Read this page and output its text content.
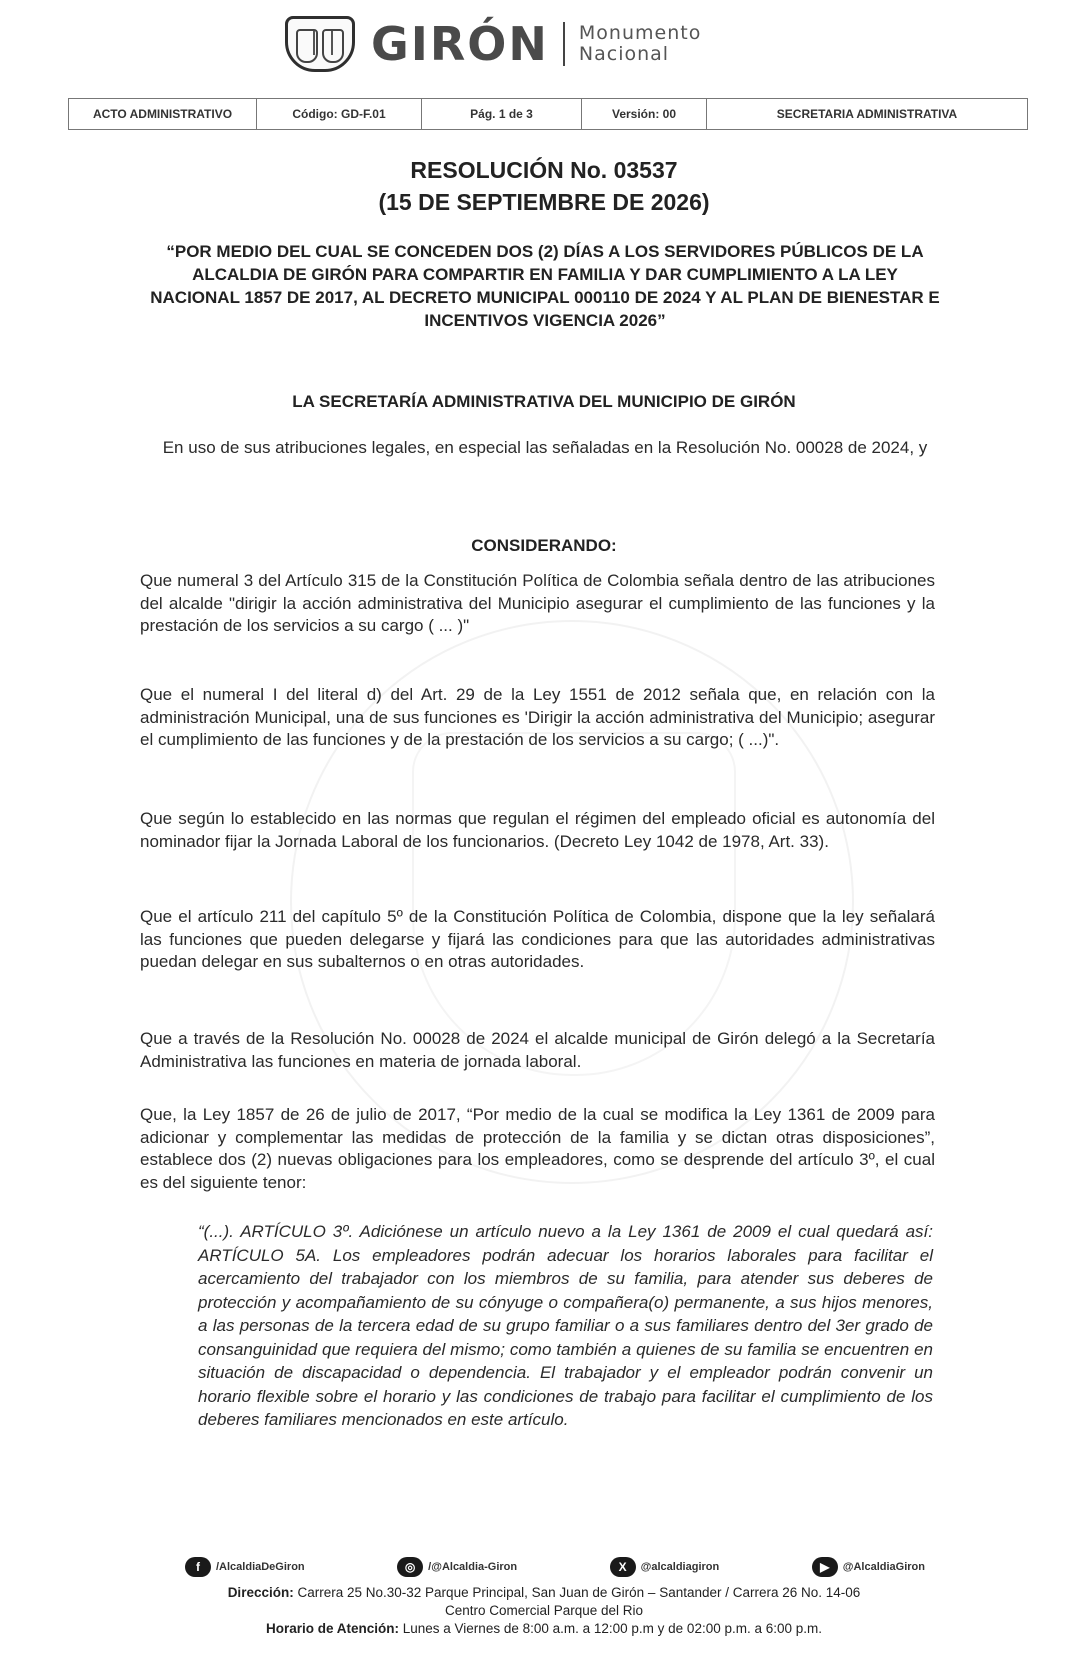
GIRÓN Monumento
Nacional
ACTO ADMINISTRATIVO	Código: GD-F.01	Pág. 1 de 3	Versión: 00	SECRETARIA ADMINISTRATIVA
RESOLUCIÓN No. 03537
(15 DE SEPTIEMBRE DE 2026)
“POR MEDIO DEL CUAL SE CONCEDEN DOS (2) DÍAS A LOS SERVIDORES PÚBLICOS DE LA ALCALDIA DE GIRÓN PARA COMPARTIR EN FAMILIA Y DAR CUMPLIMIENTO A LA LEY NACIONAL 1857 DE 2017, AL DECRETO MUNICIPAL 000110 DE 2024 Y AL PLAN DE BIENESTAR E INCENTIVOS VIGENCIA 2026”
LA SECRETARÍA ADMINISTRATIVA DEL MUNICIPIO DE GIRÓN
En uso de sus atribuciones legales, en especial las señaladas en la Resolución No. 00028 de 2024, y
CONSIDERANDO:
Que numeral 3 del Artículo 315 de la Constitución Política de Colombia señala dentro de las atribuciones del alcalde "dirigir la acción administrativa del Municipio asegurar el cumplimiento de las funciones y la prestación de los servicios a su cargo ( ... )"
Que el numeral I del literal d) del Art. 29 de la Ley 1551 de 2012 señala que, en relación con la administración Municipal, una de sus funciones es 'Dirigir la acción administrativa del Municipio; asegurar el cumplimiento de las funciones y de la prestación de los servicios a su cargo; ( ...)".
Que según lo establecido en las normas que regulan el régimen del empleado oficial es autonomía del nominador fijar la Jornada Laboral de los funcionarios. (Decreto Ley 1042 de 1978, Art. 33).
Que el artículo 211 del capítulo 5º de la Constitución Política de Colombia, dispone que la ley señalará las funciones que pueden delegarse y fijará las condiciones para que las autoridades administrativas puedan delegar en sus subalternos o en otras autoridades.
Que a través de la Resolución No. 00028 de 2024 el alcalde municipal de Girón delegó a la Secretaría Administrativa las funciones en materia de jornada laboral.
Que, la Ley 1857 de 26 de julio de 2017, “Por medio de la cual se modifica la Ley 1361 de 2009 para adicionar y complementar las medidas de protección de la familia y se dictan otras disposiciones”, establece dos (2) nuevas obligaciones para los empleadores, como se desprende del artículo 3º, el cual es del siguiente tenor:
“(...). ARTÍCULO 3º. Adiciónese un artículo nuevo a la Ley 1361 de 2009 el cual quedará así: ARTÍCULO 5A. Los empleadores podrán adecuar los horarios laborales para facilitar el acercamiento del trabajador con los miembros de su familia, para atender sus deberes de protección y acompañamiento de su cónyuge o compañera(o) permanente, a sus hijos menores, a las personas de la tercera edad de su grupo familiar o a sus familiares dentro del 3er grado de consanguinidad que requiera del mismo; como también a quienes de su familia se encuentren en situación de discapacidad o dependencia. El trabajador y el empleador podrán convenir un horario flexible sobre el horario y las condiciones de trabajo para facilitar el cumplimiento de los deberes familiares mencionados en este artículo.
f	/AlcaldiaDeGiron	◎	/@Alcaldia-Giron	X	@alcaldiagiron	▶	@AlcaldiaGiron
Dirección: Carrera 25 No.30-32 Parque Principal, San Juan de Girón – Santander / Carrera 26 No. 14-06
Centro Comercial Parque del Rio
Horario de Atención: Lunes a Viernes de 8:00 a.m. a 12:00 p.m y de 02:00 p.m. a 6:00 p.m.
